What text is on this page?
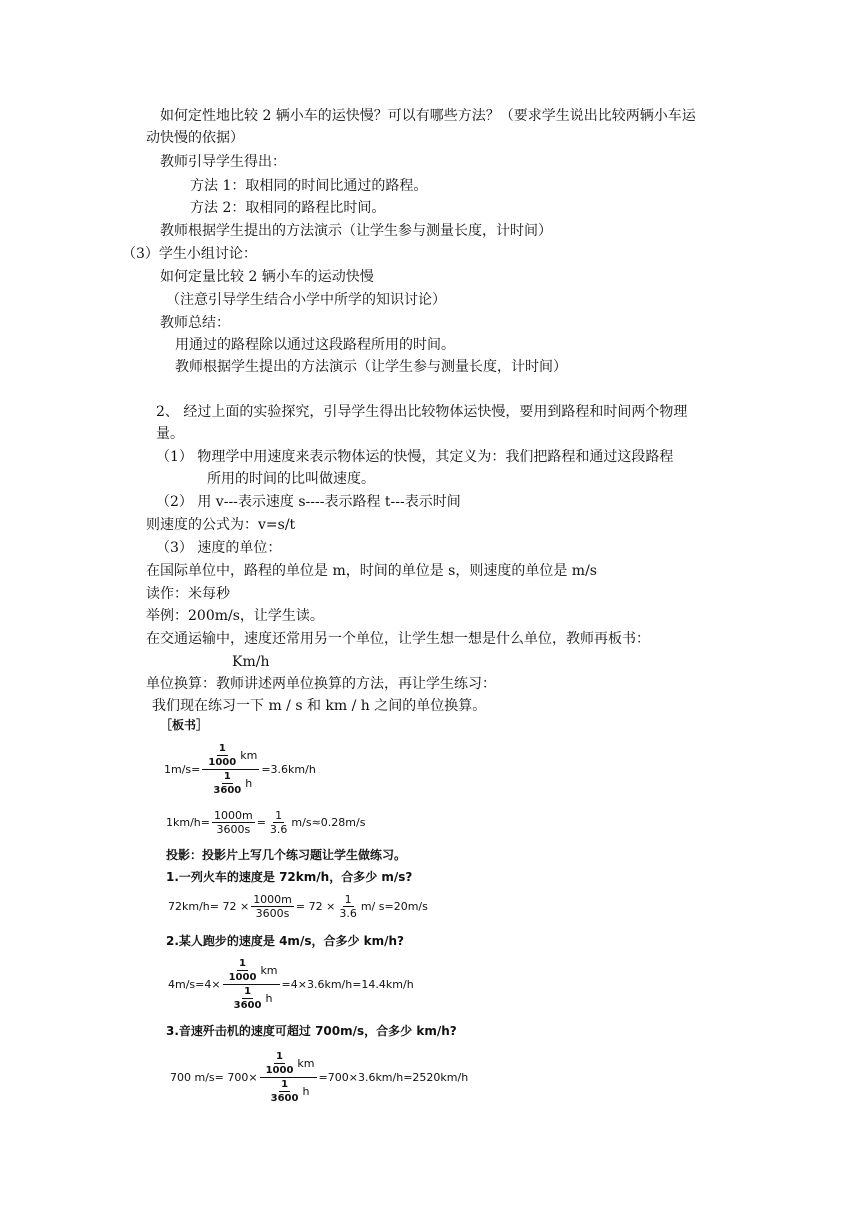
如何定性地比较 2 辆小车的运快慢？可以有哪些方法？（要求学生说出比较两辆小车运
动快慢的依据）
教师引导学生得出：
方法 1：取相同的时间比通过的路程。
方法 2：取相同的路程比时间。
教师根据学生提出的方法演示（让学生参与测量长度，计时间）
（3）学生小组讨论：
如何定量比较 2 辆小车的运动快慢
（注意引导学生结合小学中所学的知识讨论）
教师总结：
用通过的路程除以通过这段路程所用的时间。
教师根据学生提出的方法演示（让学生参与测量长度，计时间）
2、 经过上面的实验探究，引导学生得出比较物体运快慢，要用到路程和时间两个物理
量。
（1） 物理学中用速度来表示物体运的快慢，其定义为：我们把路程和通过这段路程
所用的时间的比叫做速度。
（2） 用 v---表示速度 s----表示路程 t---表示时间
则速度的公式为：v=s/t
（3） 速度的单位：
在国际单位中，路程的单位是 m，时间的单位是 s，则速度的单位是 m/s
读作：米每秒
举例：200m/s，让学生读。
在交通运输中，速度还常用另一个单位，让学生想一想是什么单位，教师再板书：
Km/h
单位换算：教师讲述两单位换算的方法，再让学生练习：
我们现在练习一下 m / s 和 km / h 之间的单位换算。
［板书］
$1m/s= \frac{\frac{1}{1000} km}{\frac{1}{3600} h} =3.6km/h$
$1km/h= \frac{1000m}{3600s} = \frac{1}{3.6} m/s\approx 0.28m/s$
投影：投影片上写几个练习题让学生做练习。
1.一列火车的速度是 72km/h，合多少 m/s?
$72km/h= 72 \times \frac{1000m}{3600s} = 72 \times \frac{1}{3.6} m/$ s=20m/s
2.某人跑步的速度是 4m/s，合多少 km/h?
$4m/s=4\times \frac{\frac{1}{1000} km}{\frac{1}{3600} h} =4\times 3.6km/h=14.4km/h$
3.音速歼击机的速度可超过 700m/s，合多少 km/h?
700 $m/s= 700\times \frac{\frac{1}{1000} km}{\frac{1}{3600} h} =700\times 3.6km/h=2520km/h$
